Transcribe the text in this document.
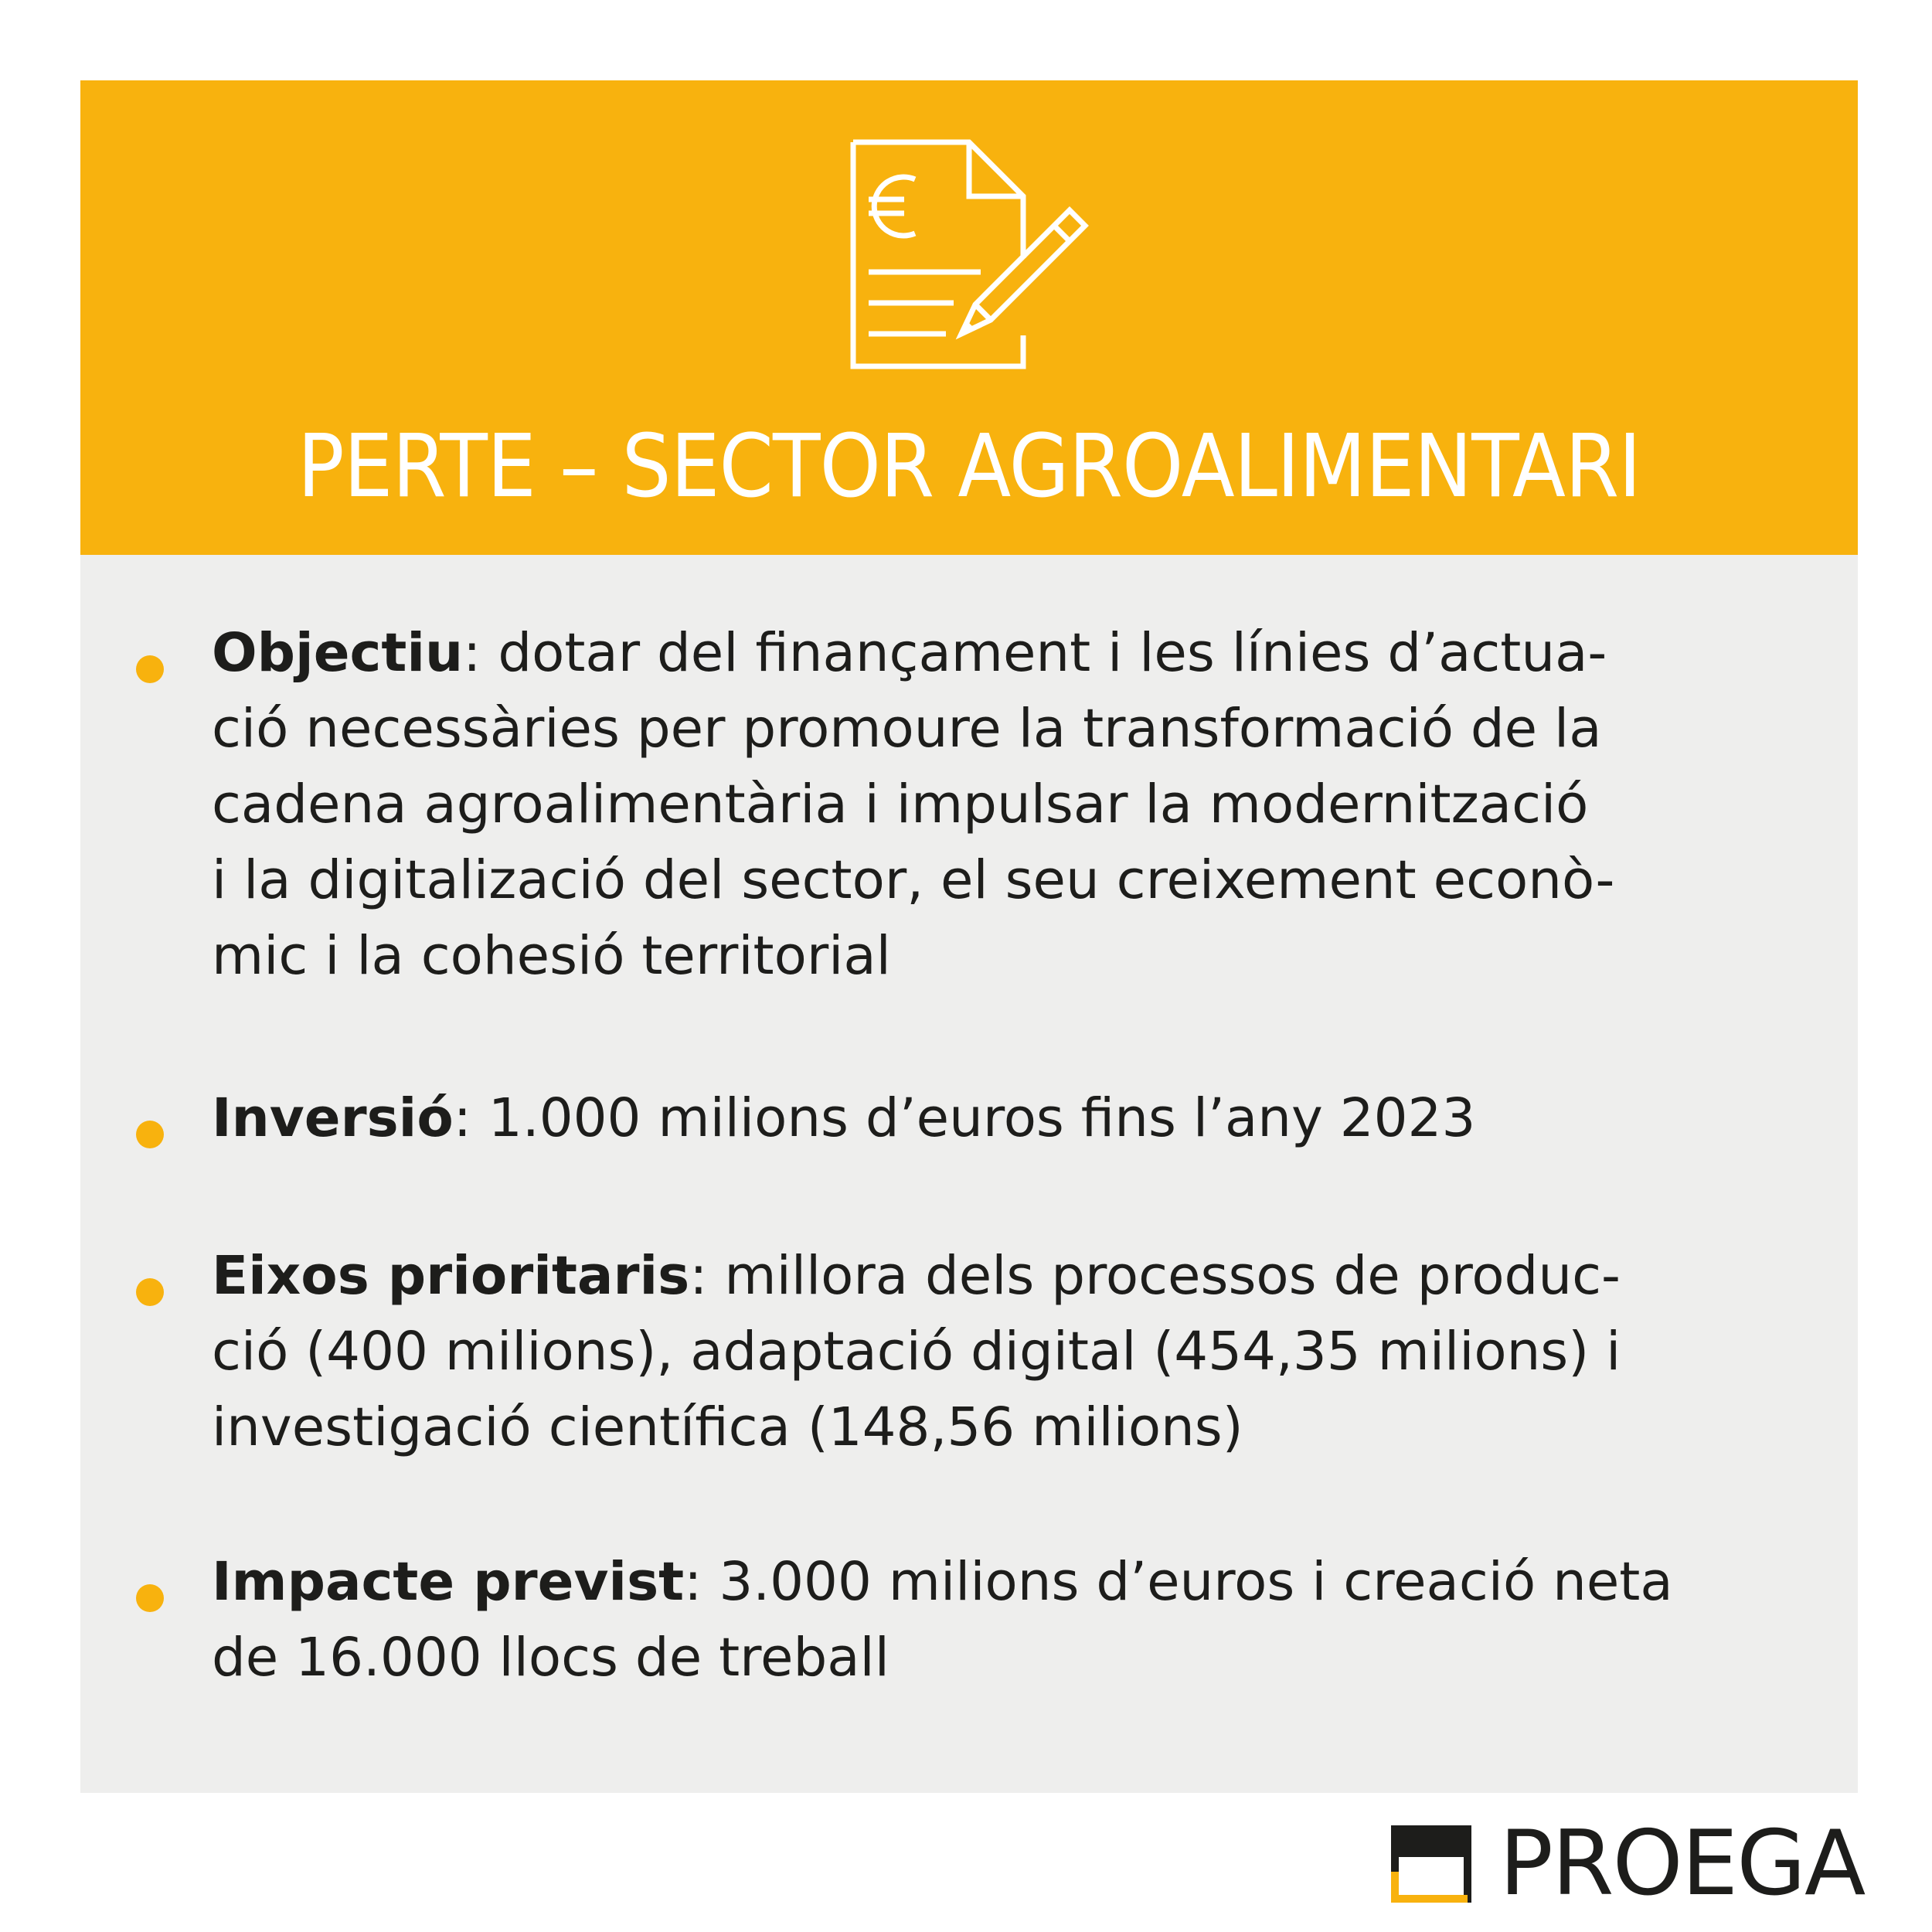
PERTE – SECTOR AGROALIMENTARI
Objectiu: dotar del finançament i les línies d’actua-
ció necessàries per promoure la transformació de la
cadena agroalimentària i impulsar la modernització
i la digitalizació del sector, el seu creixement econò-
mic i la cohesió territorial
Inversió: 1.000 milions d’euros fins l’any 2023
Eixos prioritaris: millora dels processos de produc-
ció (400 milions), adaptació digital (454,35 milions) i
investigació científica (148,56 milions)
Impacte previst: 3.000 milions d’euros i creació neta
de 16.000 llocs de treball
PROEGA
